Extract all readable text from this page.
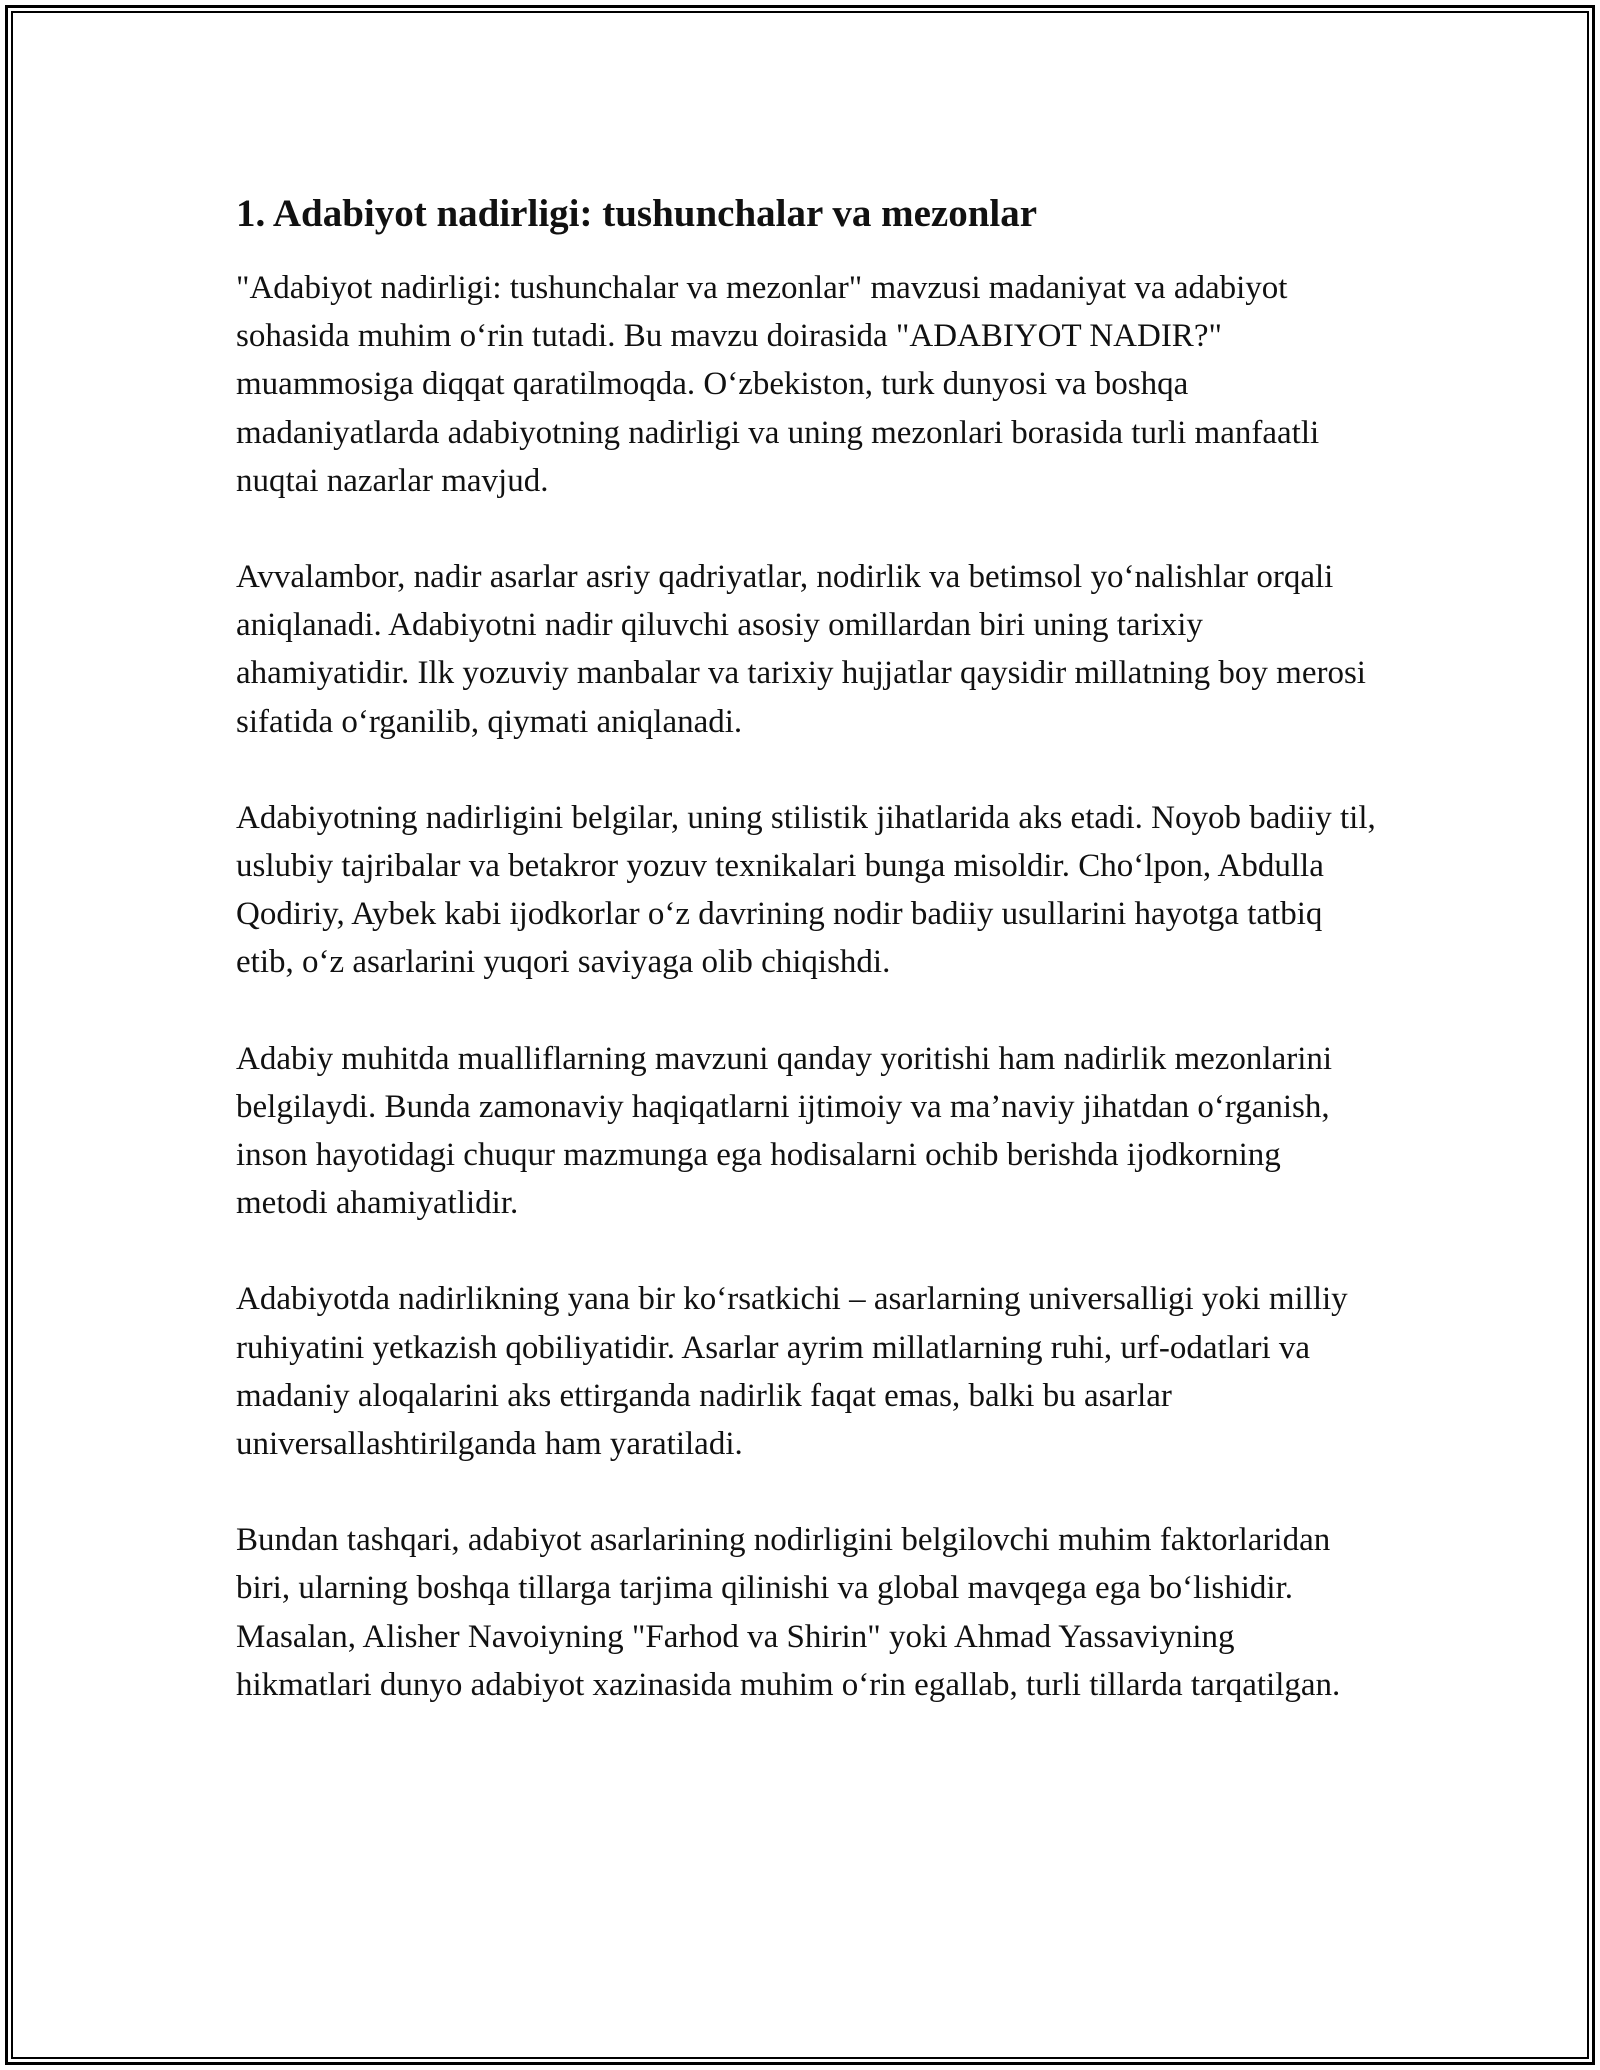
1. Adabiyot nadirligi: tushunchalar va mezonlar

"Adabiyot nadirligi: tushunchalar va mezonlar" mavzusi madaniyat va adabiyot sohasida muhim o‘rin tutadi. Bu mavzu doirasida "ADABIYOT NADIR?" muammosiga diqqat qaratilmoqda. O‘zbekiston, turk dunyosi va boshqa madaniyatlarda adabiyotning nadirligi va uning mezonlari borasida turli manfaatli nuqtai nazarlar mavjud.

Avvalambor, nadir asarlar asriy qadriyatlar, nodirlik va betimsol yo‘nalishlar orqali aniqlanadi. Adabiyotni nadir qiluvchi asosiy omillardan biri uning tarixiy ahamiyatidir. Ilk yozuviy manbalar va tarixiy hujjatlar qaysidir millatning boy merosi sifatida o‘rganilib, qiymati aniqlanadi.

Adabiyotning nadirligini belgilar, uning stilistik jihatlarida aks etadi. Noyob badiiy til, uslubiy tajribalar va betakror yozuv texnikalari bunga misoldir. Cho‘lpon, Abdulla Qodiriy, Aybek kabi ijodkorlar o‘z davrining nodir badiiy usullarini hayotga tatbiq etib, o‘z asarlarini yuqori saviyaga olib chiqishdi.

Adabiy muhitda mualliflarning mavzuni qanday yoritishi ham nadirlik mezonlarini belgilaydi. Bunda zamonaviy haqiqatlarni ijtimoiy va ma’naviy jihatdan o‘rganish, inson hayotidagi chuqur mazmunga ega hodisalarni ochib berishda ijodkorning metodi ahamiyatlidir.

Adabiyotda nadirlikning yana bir ko‘rsatkichi – asarlarning universalligi yoki milliy ruhiyatini yetkazish qobiliyatidir. Asarlar ayrim millatlarning ruhi, urf-odatlari va madaniy aloqalarini aks ettirganda nadirlik faqat emas, balki bu asarlar universallashtirilganda ham yaratiladi.

Bundan tashqari, adabiyot asarlarining nodirligini belgilovchi muhim faktorlaridan biri, ularning boshqa tillarga tarjima qilinishi va global mavqega ega bo‘lishidir. Masalan, Alisher Navoiyning "Farhod va Shirin" yoki Ahmad Yassaviyning hikmatlari dunyo adabiyot xazinasida muhim o‘rin egallab, turli tillarda tarqatilgan.
